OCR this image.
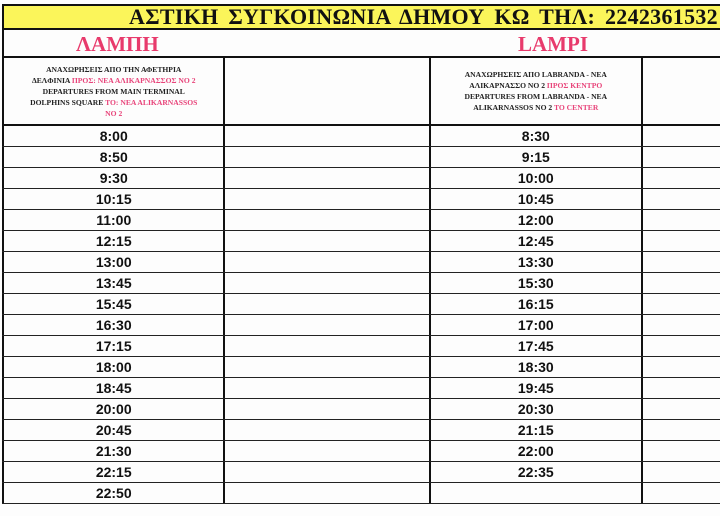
ΑΣΤΙΚΗ ΣΥΓΚΟΙΝΩΝΙΑ ΔΗΜΟΥ ΚΩ ΤΗΛ: 2242361532
ΛΑΜΠΗ	LAMPI
ΑΝΑΧΩΡΗΣΕΙΣ ΑΠΟ ΤΗΝ ΑΦΕΤΗΡΙΑ
ΔΕΛΦΙΝΙΑ ΠΡΟΣ: ΝΕΑ ΑΛΙΚΑΡΝΑΣΣΟΣ ΝΟ 2
DEPARTURES FROM MAIN TERMINAL
DOLPHINS SQUARE TO: NEA ALIKARNASSOS
NO 2
ΑΝΑΧΩΡΗΣΕΙΣ ΑΠΟ LABRANDA - ΝΕΑ
ΑΛΙΚΑΡΝΑΣΣΟ ΝΟ 2 ΠΡΟΣ ΚΕΝΤΡΟ
DEPARTURES FROM LABRANDA - NEA
ALIKARNASSOS NO 2 TO CENTER
8:00	8:30
8:50	9:15
9:30	10:00
10:15	10:45
11:00	12:00
12:15	12:45
13:00	13:30
13:45	15:30
15:45	16:15
16:30	17:00
17:15	17:45
18:00	18:30
18:45	19:45
20:00	20:30
20:45	21:15
21:30	22:00
22:15	22:35
22:50
